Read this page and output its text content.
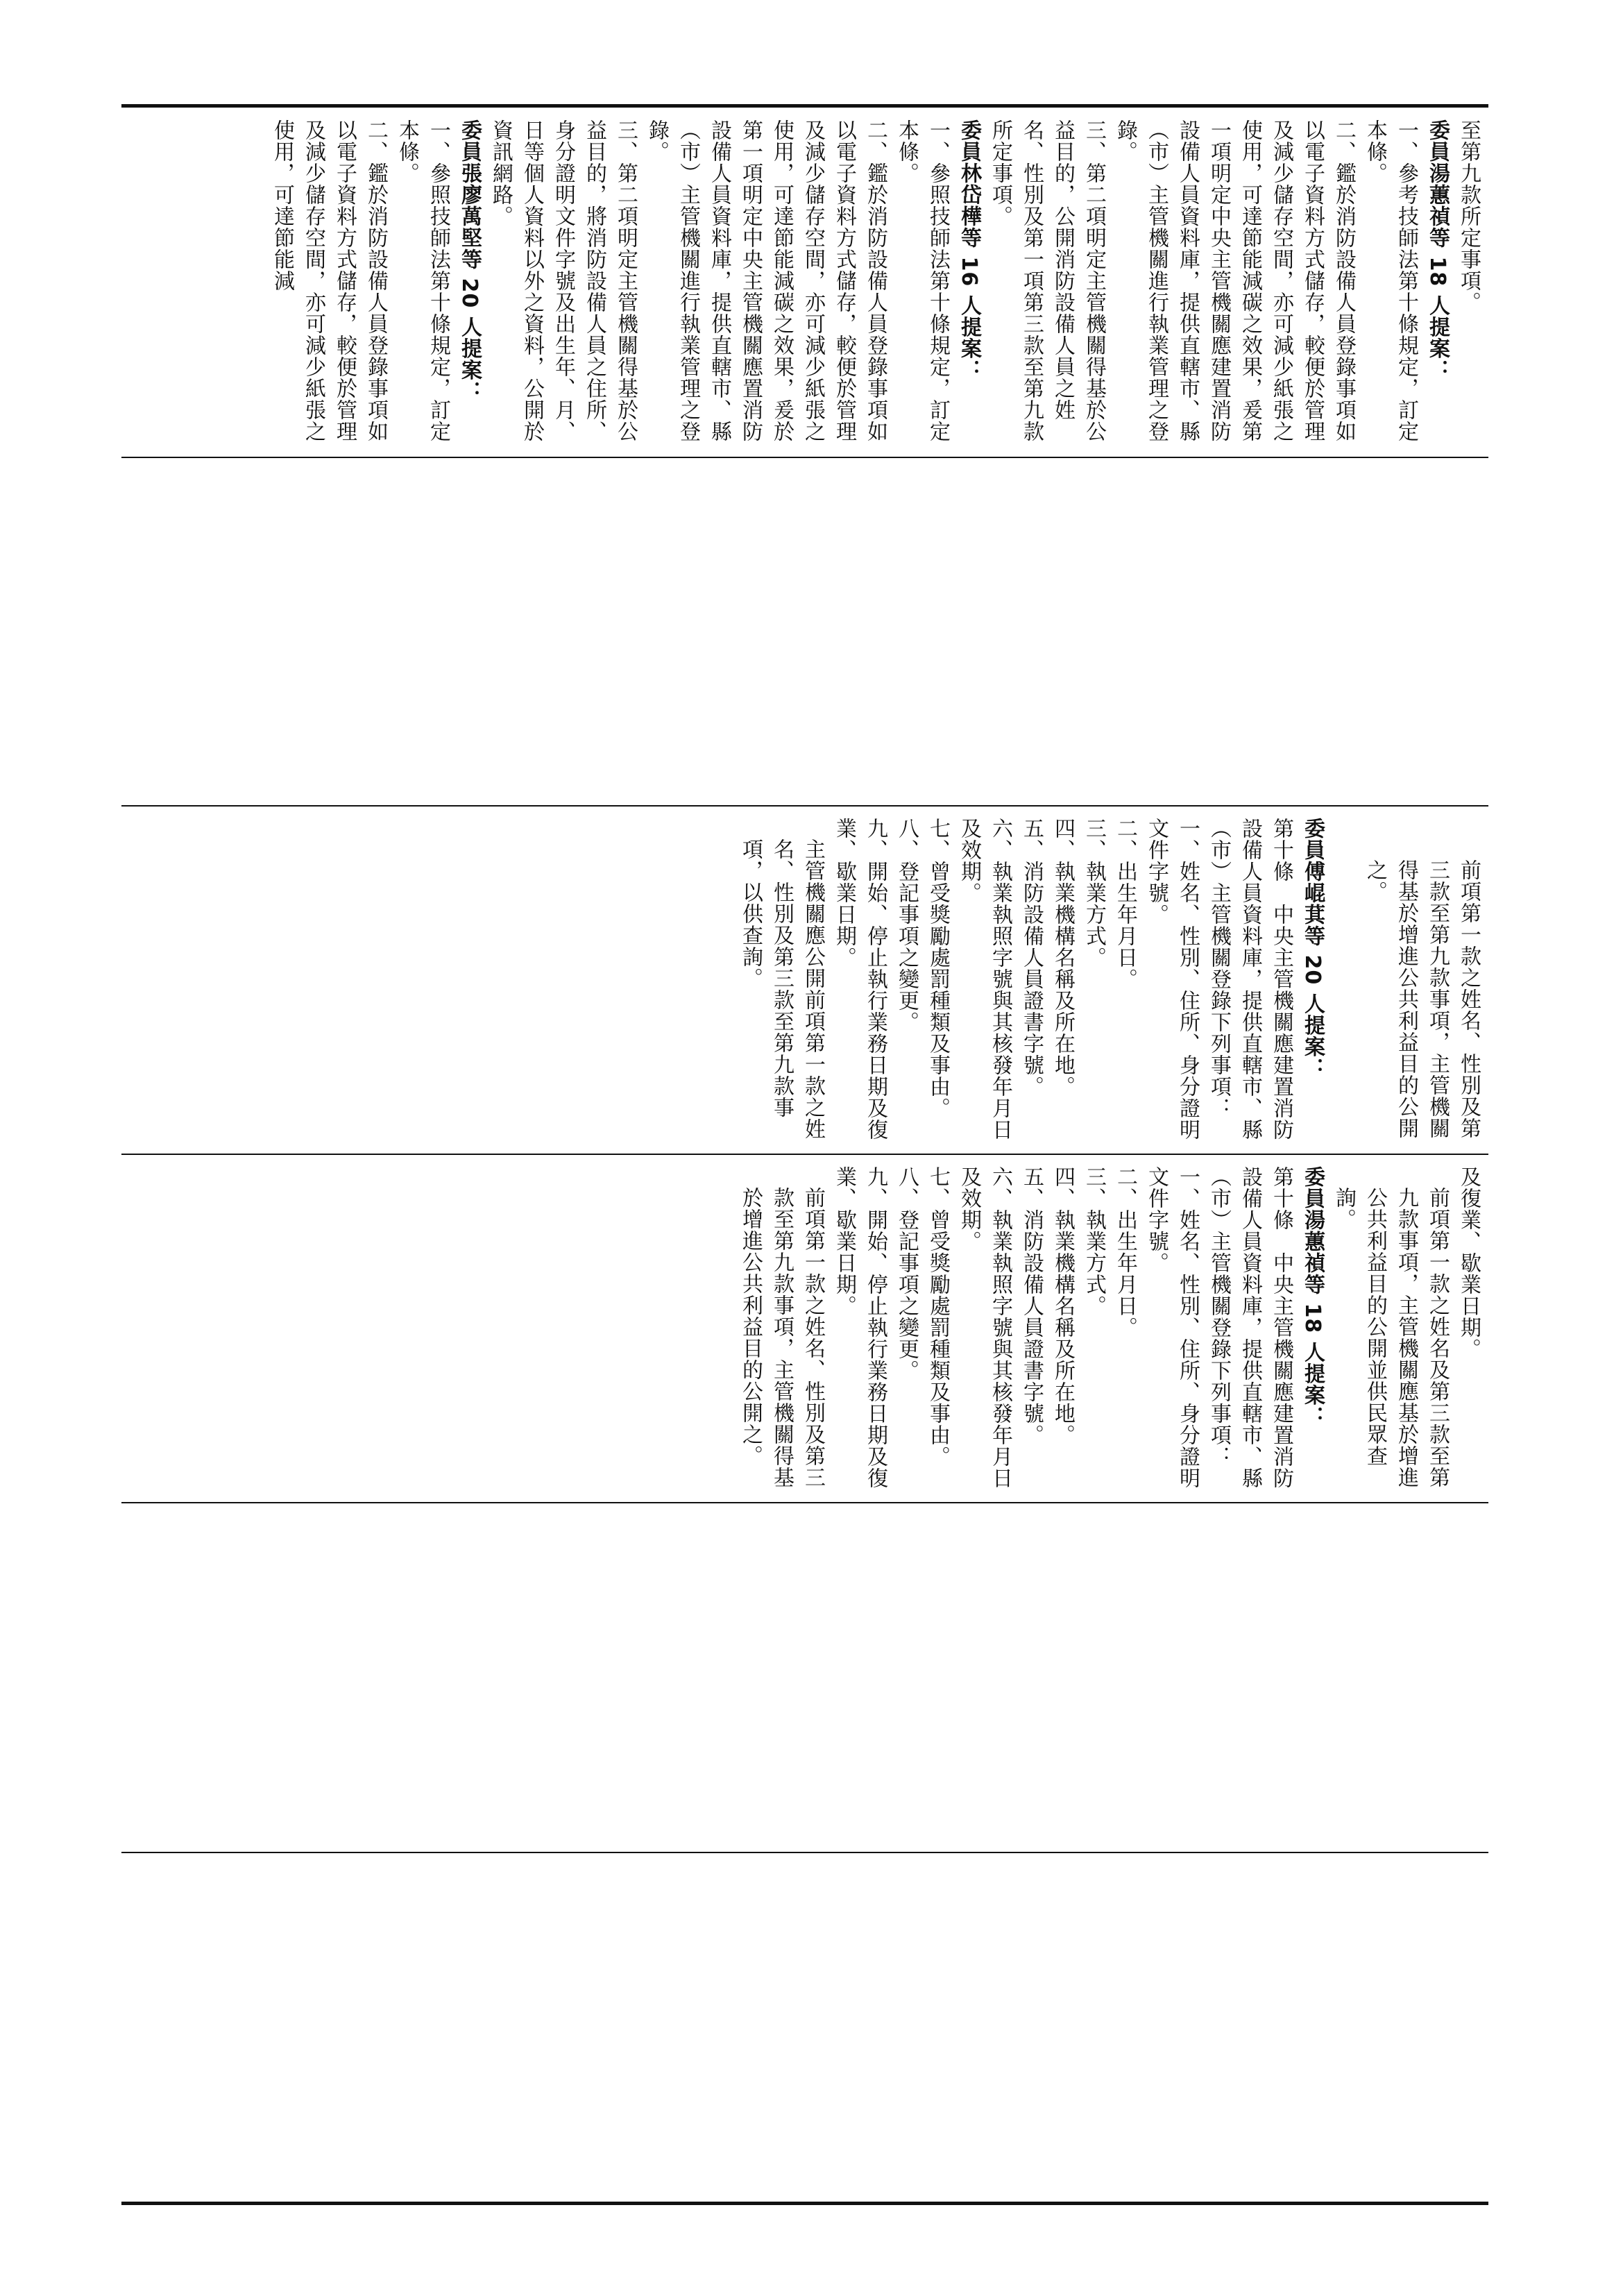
至第九款所定事項。

委員湯蕙禎等 18 人提案：

一、參考技師法第十條規定，訂定本條。

二、鑑於消防設備人員登錄事項如以電子資料方式儲存，較便於管理及減少儲存空間，亦可減少紙張之使用，可達節能減碳之效果，爰第一項明定中央主管機關應建置消防設備人員資料庫，提供直轄市、縣（市）主管機關進行執業管理之登錄。

三、第二項明定主管機關得基於公益目的，公開消防設備人員之姓名、性別及第一項第三款至第九款所定事項。

委員林岱樺等 16 人提案：

一、參照技師法第十條規定，訂定本條。

二、鑑於消防設備人員登錄事項如以電子資料方式儲存，較便於管理及減少儲存空間，亦可減少紙張之使用，可達節能減碳之效果，爰於第一項明定中央主管機關應置消防設備人員資料庫，提供直轄市、縣（市）主管機關進行執業管理之登錄。

三、第二項明定主管機關得基於公益目的，將消防設備人員之住所、身分證明文件字號及出生年、月、日等個人資料以外之資料，公開於資訊網路。

委員張廖萬堅等 20 人提案：

一、參照技師法第十條規定，訂定本條。

二、鑑於消防設備人員登錄事項如以電子資料方式儲存，較便於管理及減少儲存空間，亦可減少紙張之使用，可達節能減

前項第一款之姓名、性別及第三款至第九款事項，主管機關得基於增進公共利益目的公開之。

委員傅崐萁等 20 人提案：

第十條　中央主管機關應建置消防設備人員資料庫，提供直轄市、縣（市）主管機關登錄下列事項：

一、姓名、性別、住所、身分證明文件字號。

二、出生年月日。

三、執業方式。

四、執業機構名稱及所在地。

五、消防設備人員證書字號。

六、執業執照字號與其核發年月日及效期。

七、曾受獎勵處罰種類及事由。

八、登記事項之變更。

九、開始、停止執行業務日期及復業、歇業日期。

主管機關應公開前項第一款之姓名、性別及第三款至第九款事項，以供查詢。

及復業、歇業日期。

前項第一款之姓名及第三款至第九款事項，主管機關應基於增進公共利益目的公開並供民眾查詢。

委員湯蕙禎等 18 人提案：

第十條　中央主管機關應建置消防設備人員資料庫，提供直轄市、縣（市）主管機關登錄下列事項：

一、姓名、性別、住所、身分證明文件字號。

二、出生年月日。

三、執業方式。

四、執業機構名稱及所在地。

五、消防設備人員證書字號。

六、執業執照字號與其核發年月日及效期。

七、曾受獎勵處罰種類及事由。

八、登記事項之變更。

九、開始、停止執行業務日期及復業、歇業日期。

前項第一款之姓名、性別及第三款至第九款事項，主管機關得基於增進公共利益目的公開之。
